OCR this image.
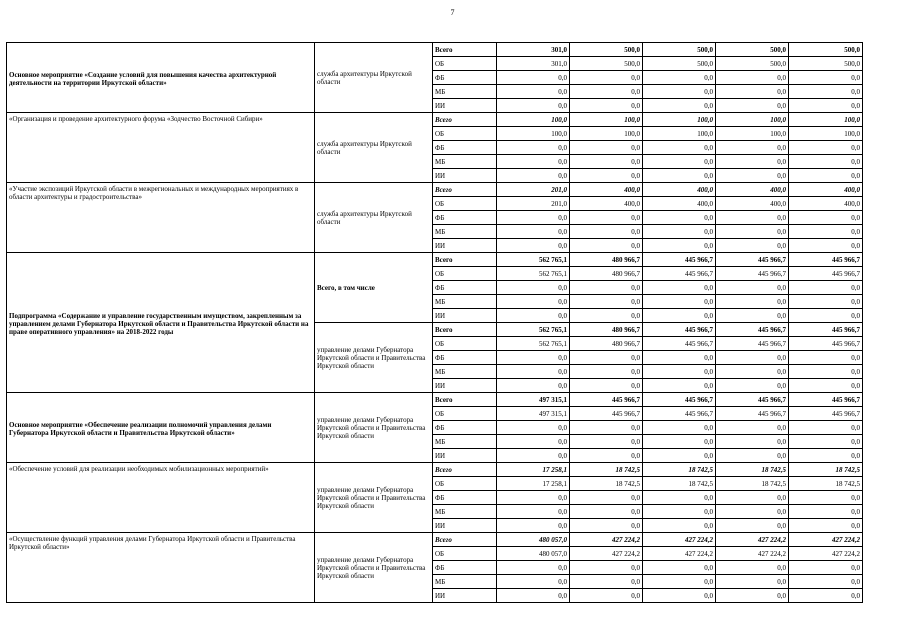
7
Основное мероприятие «Создание условий для повышения качества архитектурной деятельности на территории Иркутской области»	служба архитектуры Иркутской области	Всего	301,0	500,0	500,0	500,0	500,0
		ОБ	301,0	500,0	500,0	500,0	500,0
		ФБ	0,0	0,0	0,0	0,0	0,0
		МБ	0,0	0,0	0,0	0,0	0,0
		ИИ	0,0	0,0	0,0	0,0	0,0
«Организация и проведение архитектурного форума «Зодчество Восточной Сибири»	служба архитектуры Иркутской области	Всего	100,0	100,0	100,0	100,0	100,0
		ОБ	100,0	100,0	100,0	100,0	100,0
		ФБ	0,0	0,0	0,0	0,0	0,0
		МБ	0,0	0,0	0,0	0,0	0,0
		ИИ	0,0	0,0	0,0	0,0	0,0
«Участие экспозиций Иркутской области в межрегиональных и международных мероприятиях в области архитектуры и градостроительства»	служба архитектуры Иркутской области	Всего	201,0	400,0	400,0	400,0	400,0
		ОБ	201,0	400,0	400,0	400,0	400,0
		ФБ	0,0	0,0	0,0	0,0	0,0
		МБ	0,0	0,0	0,0	0,0	0,0
		ИИ	0,0	0,0	0,0	0,0	0,0
Подпрограмма «Содержание и управление государственным имуществом, закрепленным за управлением делами Губернатора Иркутской области и Правительства Иркутской области на праве оперативного управления» на 2018-2022 годы	Всего, в том числе	Всего	562 765,1	480 966,7	445 966,7	445 966,7	445 966,7
		ОБ	562 765,1	480 966,7	445 966,7	445 966,7	445 966,7
		ФБ	0,0	0,0	0,0	0,0	0,0
		МБ	0,0	0,0	0,0	0,0	0,0
		ИИ	0,0	0,0	0,0	0,0	0,0
	управление делами Губернатора Иркутской области и Правительства Иркутской области	Всего	562 765,1	480 966,7	445 966,7	445 966,7	445 966,7
		ОБ	562 765,1	480 966,7	445 966,7	445 966,7	445 966,7
		ФБ	0,0	0,0	0,0	0,0	0,0
		МБ	0,0	0,0	0,0	0,0	0,0
		ИИ	0,0	0,0	0,0	0,0	0,0
Основное мероприятие «Обеспечение реализации полномочий управления делами Губернатора Иркутской области и Правительства Иркутской области»	управление делами Губернатора Иркутской области и Правительства Иркутской области	Всего	497 315,1	445 966,7	445 966,7	445 966,7	445 966,7
		ОБ	497 315,1	445 966,7	445 966,7	445 966,7	445 966,7
		ФБ	0,0	0,0	0,0	0,0	0,0
		МБ	0,0	0,0	0,0	0,0	0,0
		ИИ	0,0	0,0	0,0	0,0	0,0
«Обеспечение условий для реализации необходимых мобилизационных мероприятий»	управление делами Губернатора Иркутской области и Правительства Иркутской области	Всего	17 258,1	18 742,5	18 742,5	18 742,5	18 742,5
		ОБ	17 258,1	18 742,5	18 742,5	18 742,5	18 742,5
		ФБ	0,0	0,0	0,0	0,0	0,0
		МБ	0,0	0,0	0,0	0,0	0,0
		ИИ	0,0	0,0	0,0	0,0	0,0
«Осуществление функций управления делами Губернатора Иркутской области и Правительства Иркутской области»	управление делами Губернатора Иркутской области и Правительства Иркутской области	Всего	480 057,0	427 224,2	427 224,2	427 224,2	427 224,2
		ОБ	480 057,0	427 224,2	427 224,2	427 224,2	427 224,2
		ФБ	0,0	0,0	0,0	0,0	0,0
		МБ	0,0	0,0	0,0	0,0	0,0
		ИИ	0,0	0,0	0,0	0,0	0,0
